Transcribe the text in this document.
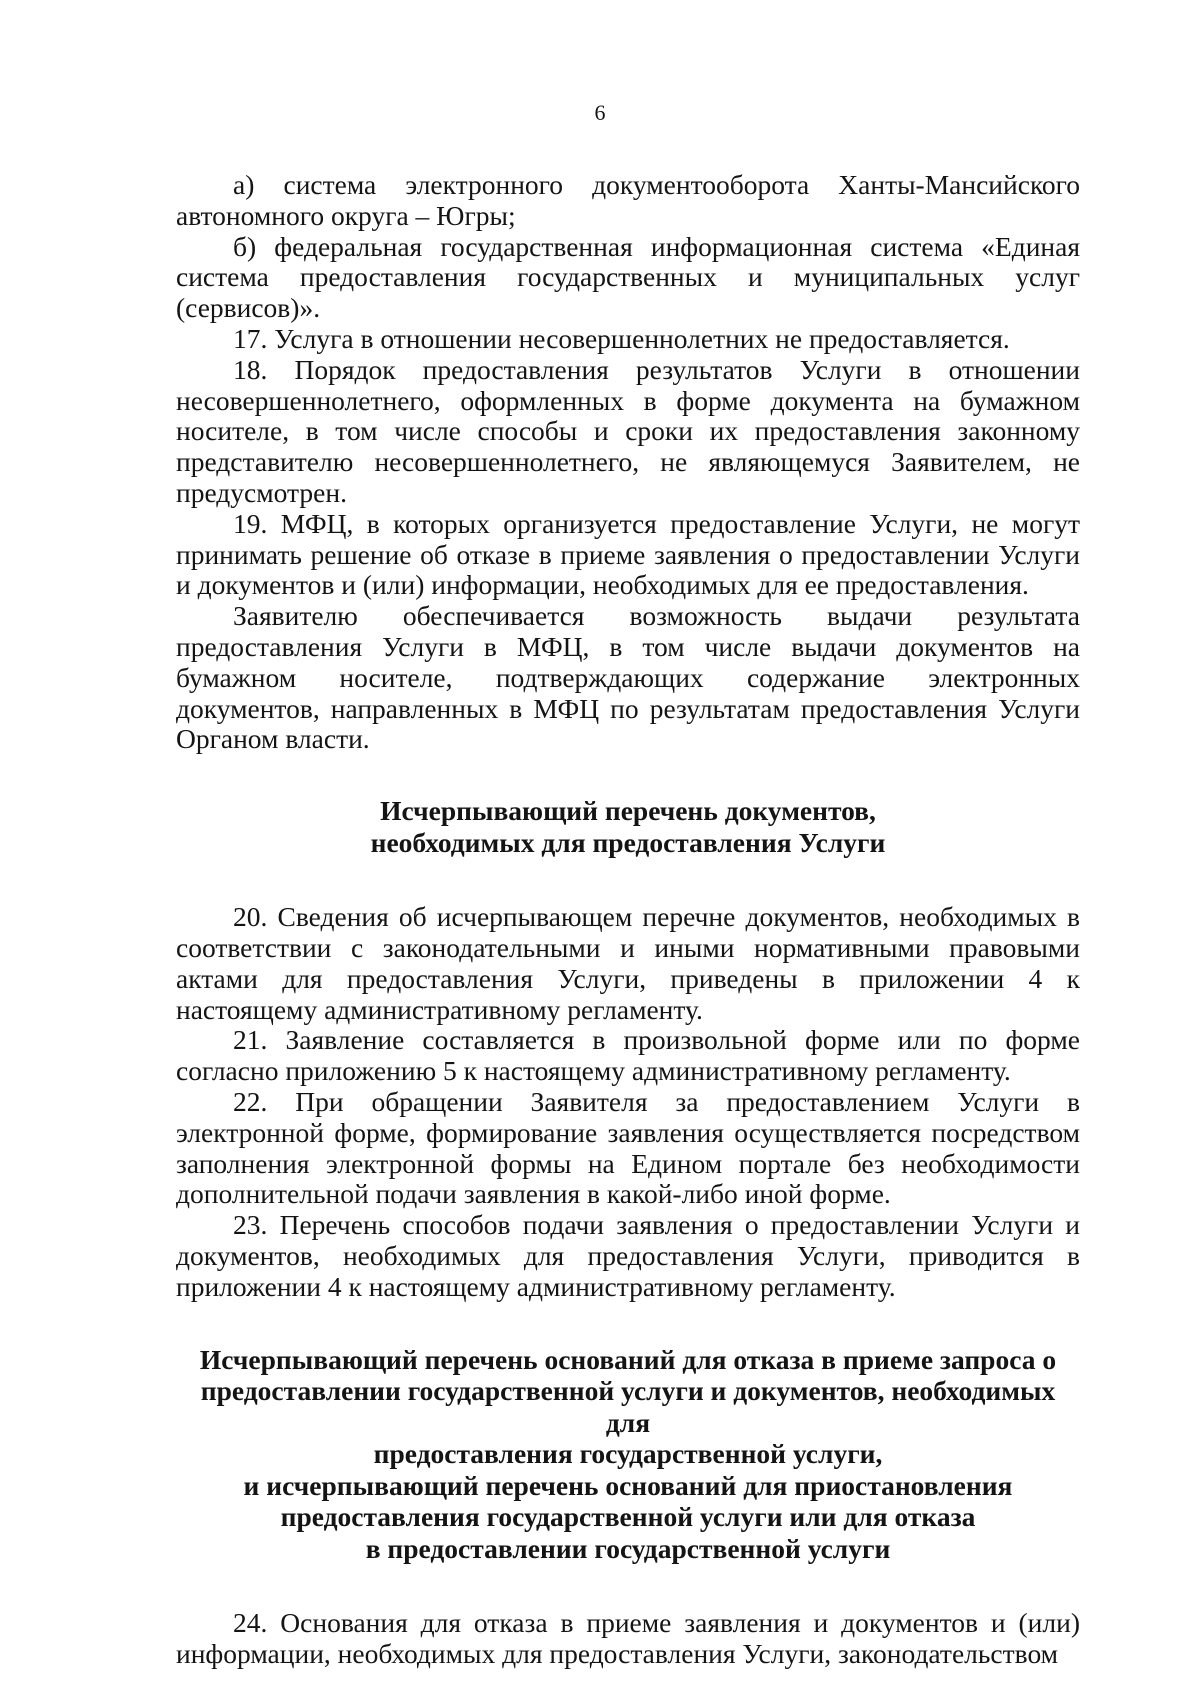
6

а) система электронного документооборота Ханты-Мансийского автономного округа – Югры;

б) федеральная государственная информационная система «Единая система предоставления государственных и муниципальных услуг (сервисов)».

17. Услуга в отношении несовершеннолетних не предоставляется.

18. Порядок предоставления результатов Услуги в отношении несовершеннолетнего, оформленных в форме документа на бумажном носителе, в том числе способы и сроки их предоставления законному представителю несовершеннолетнего, не являющемуся Заявителем, не предусмотрен.

19. МФЦ, в которых организуется предоставление Услуги, не могут принимать решение об отказе в приеме заявления о предоставлении Услуги и документов и (или) информации, необходимых для ее предоставления.

Заявителю обеспечивается возможность выдачи результата предоставления Услуги в МФЦ, в том числе выдачи документов на бумажном носителе, подтверждающих содержание электронных документов, направленных в МФЦ по результатам предоставления Услуги Органом власти.

Исчерпывающий перечень документов,
необходимых для предоставления Услуги

20. Сведения об исчерпывающем перечне документов, необходимых в соответствии с законодательными и иными нормативными правовыми актами для предоставления Услуги, приведены в приложении 4 к настоящему административному регламенту.

21. Заявление составляется в произвольной форме или по форме согласно приложению 5 к настоящему административному регламенту.

22. При обращении Заявителя за предоставлением Услуги в электронной форме, формирование заявления осуществляется посредством заполнения электронной формы на Едином портале без необходимости дополнительной подачи заявления в какой-либо иной форме.

23. Перечень способов подачи заявления о предоставлении Услуги и документов, необходимых для предоставления Услуги, приводится в приложении 4 к настоящему административному регламенту.

Исчерпывающий перечень оснований для отказа в приеме запроса о
предоставлении государственной услуги и документов, необходимых для
предоставления государственной услуги,
и исчерпывающий перечень оснований для приостановления
предоставления государственной услуги или для отказа
в предоставлении государственной услуги

24. Основания для отказа в приеме заявления и документов и (или) информации, необходимых для предоставления Услуги, законодательством
